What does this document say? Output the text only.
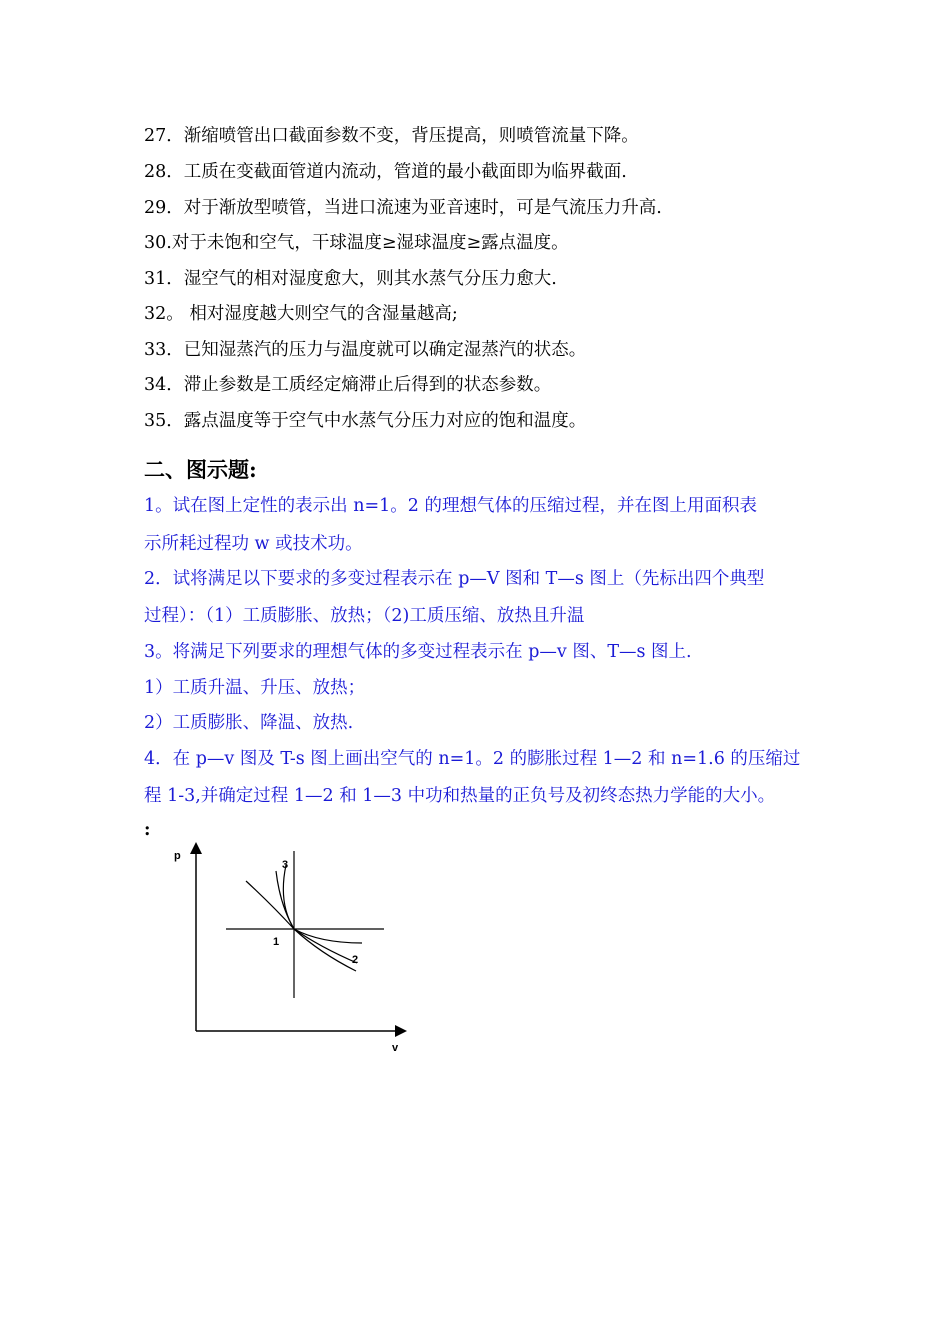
27．渐缩喷管出口截面参数不变，背压提高，则喷管流量下降。
28．工质在变截面管道内流动，管道的最小截面即为临界截面.
29．对于渐放型喷管，当进口流速为亚音速时，可是气流压力升高.
30.对于未饱和空气，干球温度≥湿球温度≥露点温度。
31．湿空气的相对湿度愈大，则其水蒸气分压力愈大.
32。 相对湿度越大则空气的含湿量越高;
33．已知湿蒸汽的压力与温度就可以确定湿蒸汽的状态。
34．滞止参数是工质经定熵滞止后得到的状态参数。
35．露点温度等于空气中水蒸气分压力对应的饱和温度。
二、图示题:
1。试在图上定性的表示出 n=1。2 的理想气体的压缩过程，并在图上用面积表
示所耗过程功 w 或技术功。
2．试将满足以下要求的多变过程表示在 p—V 图和 T—s 图上（先标出四个典型
过程）：（1）工质膨胀、放热；（2)工质压缩、放热且升温
3。将满足下列要求的理想气体的多变过程表示在 p—v 图、T—s 图上.
1）工质升温、升压、放热；
2）工质膨胀、降温、放热.
4．在 p—v 图及 T-s 图上画出空气的 n=1。2 的膨胀过程 1—2 和 n=1.6 的压缩过
程 1-3,并确定过程 1—2 和 1—3 中功和热量的正负号及初终态热力学能的大小。
:
p
v
1
2
3
